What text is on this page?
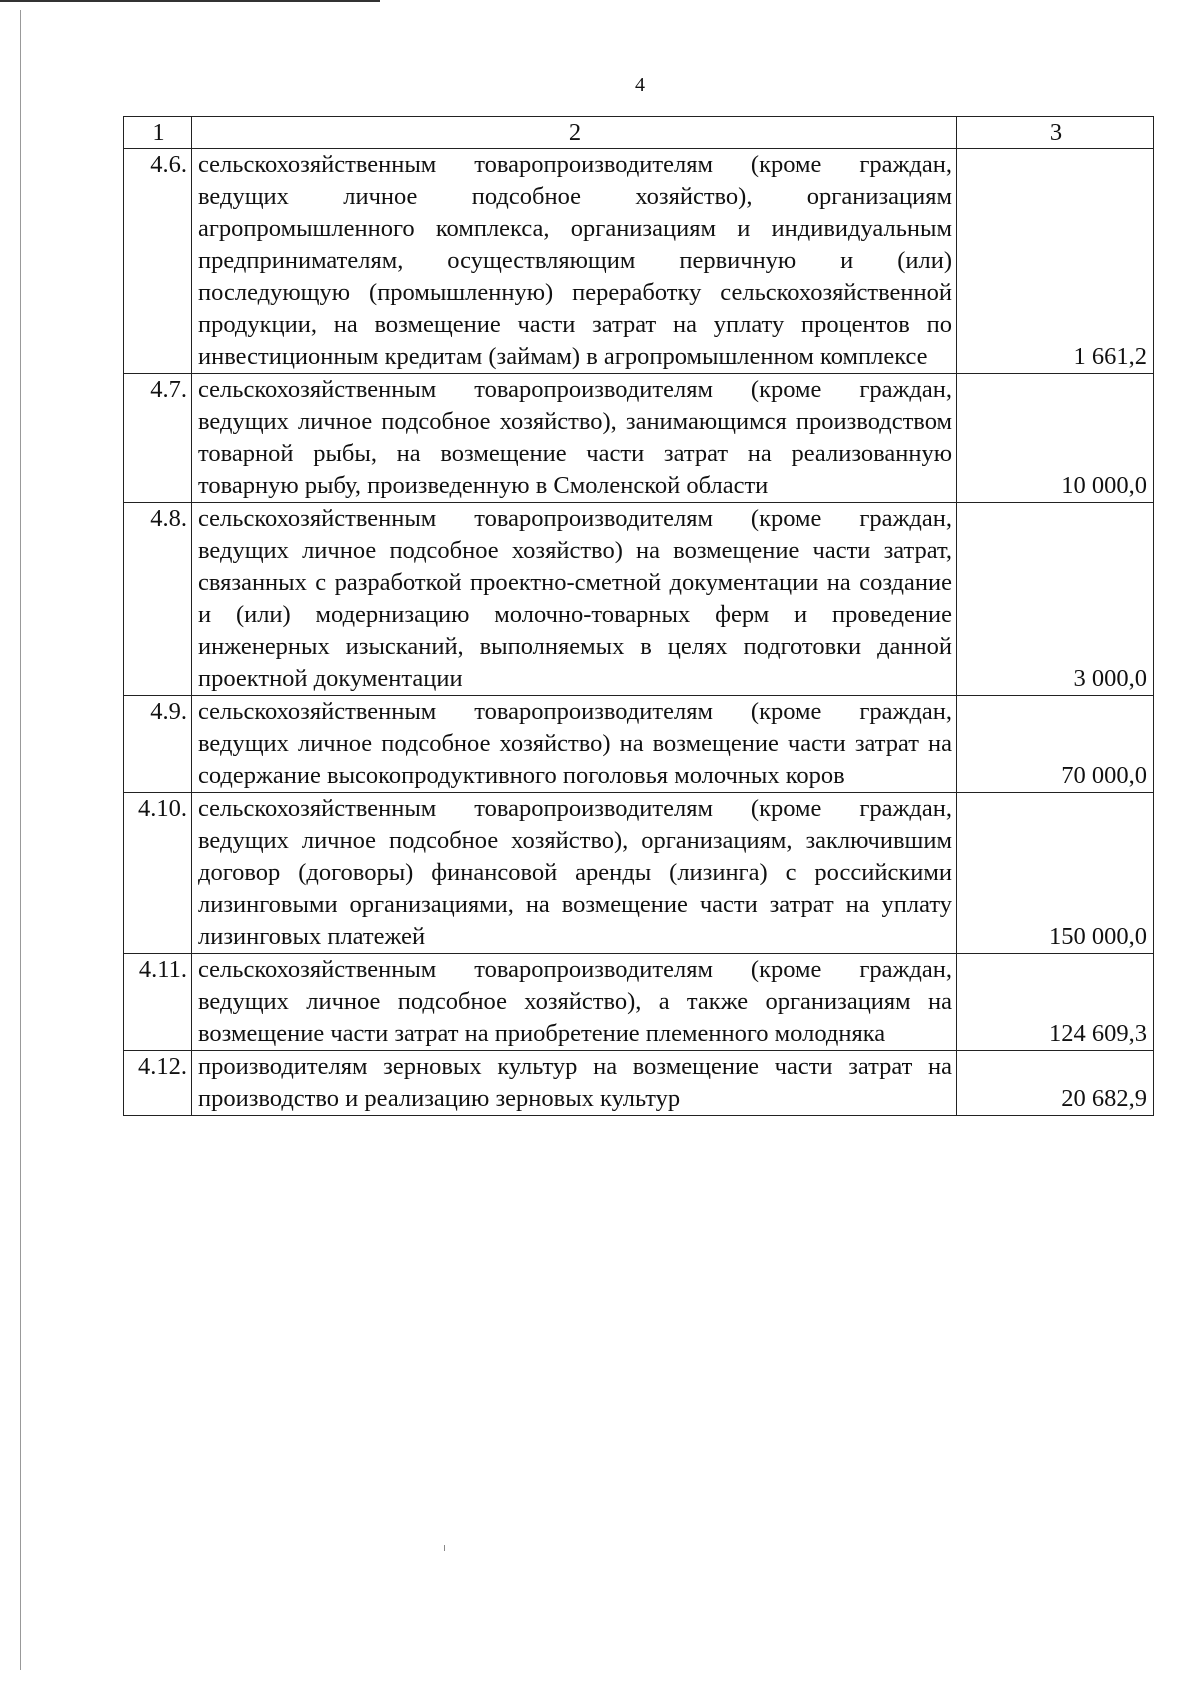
4
1	2	3
4.6.	сельскохозяйственным товаропроизводителям (кроме граждан, ведущих личное подсобное хозяйство), организациям агропромышленного комплекса, организациям и индивидуальным предпринимателям, осуществляющим первичную и (или) последующую (промышленную) переработку сельскохозяйственной продукции, на возмещение части затрат на уплату процентов по инвестиционным кредитам (займам) в агропромышленном комплексе	1 661,2
4.7.	сельскохозяйственным товаропроизводителям (кроме граждан, ведущих личное подсобное хозяйство), занимающимся производством товарной рыбы, на возмещение части затрат на реализованную товарную рыбу, произведенную в Смоленской области	10 000,0
4.8.	сельскохозяйственным товаропроизводителям (кроме граждан, ведущих личное подсобное хозяйство) на возмещение части затрат, связанных с разработкой проектно-сметной документации на создание и (или) модернизацию молочно-товарных ферм и проведение инженерных изысканий, выполняемых в целях подготовки данной проектной документации	3 000,0
4.9.	сельскохозяйственным товаропроизводителям (кроме граждан, ведущих личное подсобное хозяйство) на возмещение части затрат на содержание высокопродуктивного поголовья молочных коров	70 000,0
4.10.	сельскохозяйственным товаропроизводителям (кроме граждан, ведущих личное подсобное хозяйство), организациям, заключившим договор (договоры) финансовой аренды (лизинга) с российскими лизинговыми организациями, на возмещение части затрат на уплату лизинговых платежей	150 000,0
4.11.	сельскохозяйственным товаропроизводителям (кроме граждан, ведущих личное подсобное хозяйство), а также организациям на возмещение части затрат на приобретение племенного молодняка	124 609,3
4.12.	производителям зерновых культур на возмещение части затрат на производство и реализацию зерновых культур	20 682,9
